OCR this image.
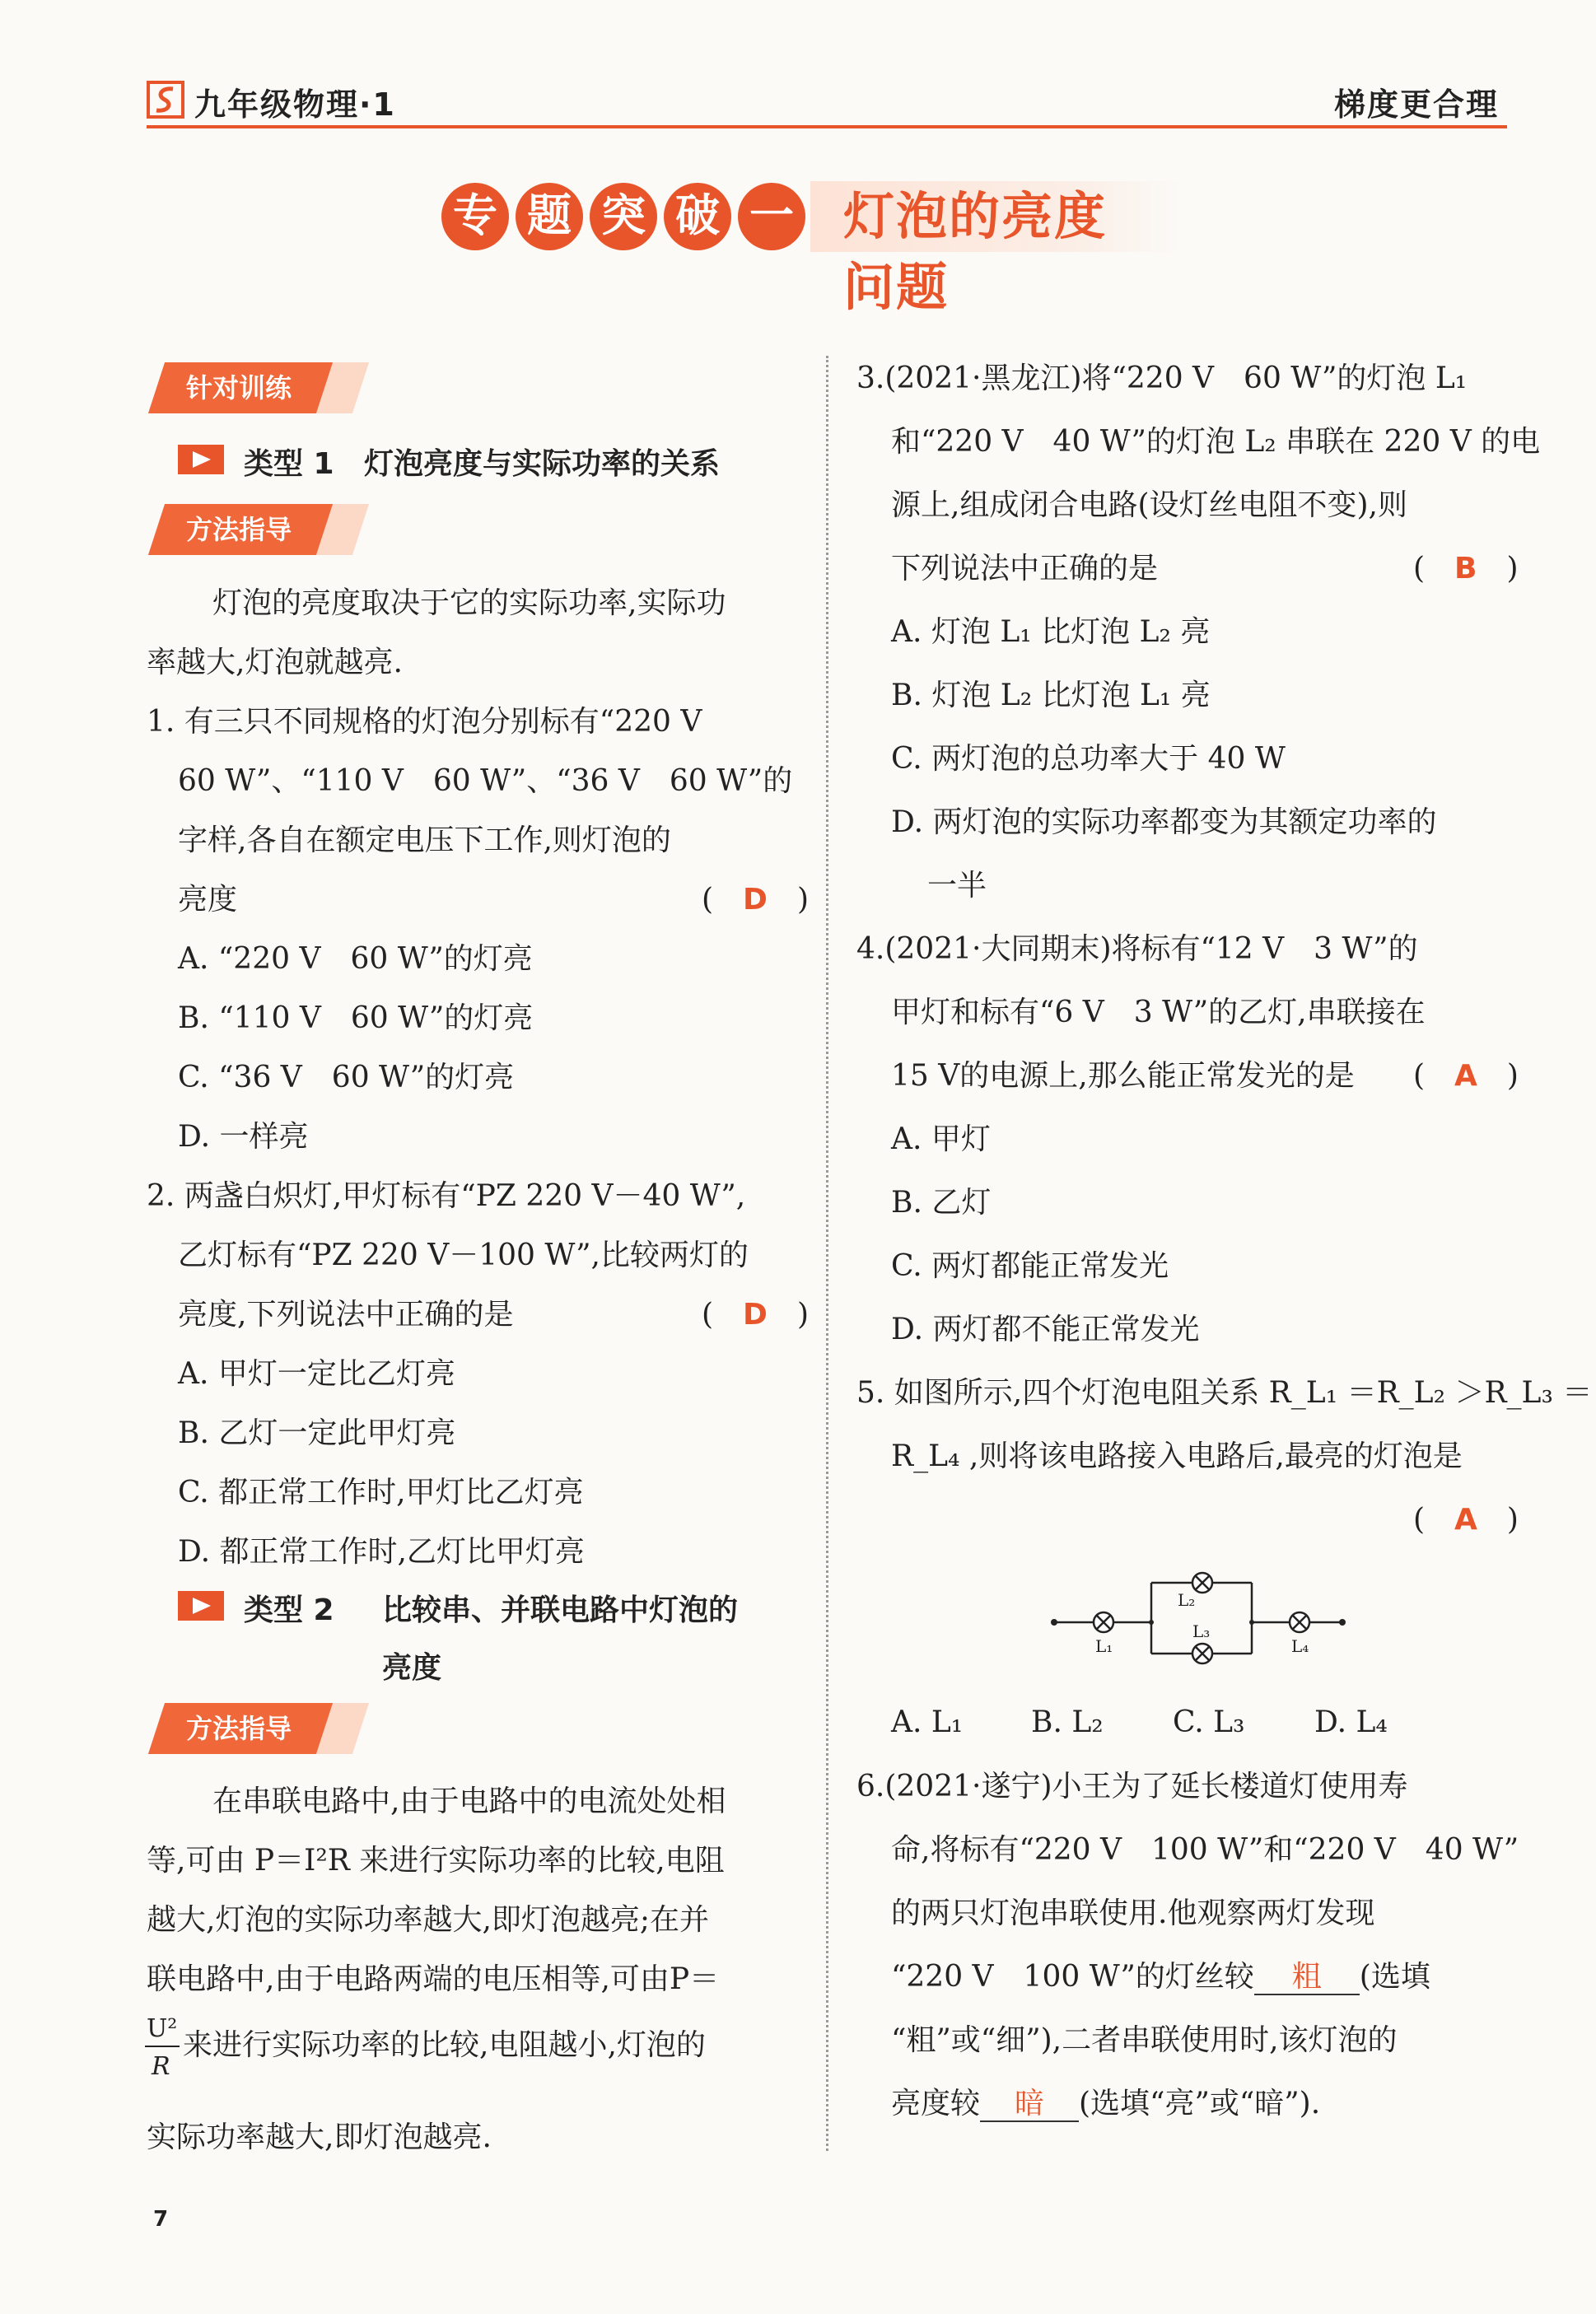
九年级物理·1	梯度更合理
专 题 突 破 一 灯泡的亮度问题
针对训练
类型 1 灯泡亮度与实际功率的关系
方法指导
灯泡的亮度取决于它的实际功率,实际功
率越大,灯泡就越亮.
1. 有三只不同规格的灯泡分别标有“220 V
60 W”、“110 V　60 W”、“36 V　60 W”的
字样,各自在额定电压下工作,则灯泡的
亮度	(　D　)
A. “220 V　60 W”的灯亮
B. “110 V　60 W”的灯亮
C. “36 V　60 W”的灯亮
D. 一样亮
2. 两盏白炽灯,甲灯标有“PZ 220 V－40 W”,
乙灯标有“PZ 220 V－100 W”,比较两灯的
亮度,下列说法中正确的是	(　D　)
A. 甲灯一定比乙灯亮
B. 乙灯一定此甲灯亮
C. 都正常工作时,甲灯比乙灯亮
D. 都正常工作时,乙灯比甲灯亮
类型 2 比较串、并联电路中灯泡的
亮度
方法指导
在串联电路中,由于电路中的电流处处相
等,可由 P＝I²R 来进行实际功率的比较,电阻
越大,灯泡的实际功率越大,即灯泡越亮;在并
联电路中,由于电路两端的电压相等,可由P＝
U²
R
来进行实际功率的比较,电阻越小,灯泡的
实际功率越大,即灯泡越亮.
3.(2021·黑龙江)将“220 V　60 W”的灯泡 L₁
和“220 V　40 W”的灯泡 L₂ 串联在 220 V 的电
源上,组成闭合电路(设灯丝电阻不变),则
下列说法中正确的是	(　B　)
A. 灯泡 L₁ 比灯泡 L₂ 亮
B. 灯泡 L₂ 比灯泡 L₁ 亮
C. 两灯泡的总功率大于 40 W
D. 两灯泡的实际功率都变为其额定功率的
一半
4.(2021·大同期末)将标有“12 V　3 W”的
甲灯和标有“6 V　3 W”的乙灯,串联接在
15 V的电源上,那么能正常发光的是 (　A　)
A. 甲灯
B. 乙灯
C. 两灯都能正常发光
D. 两灯都不能正常发光
5. 如图所示,四个灯泡电阻关系 R_L₁ ＝R_L₂ ＞R_L₃ ＝
R_L₄ ,则将该电路接入电路后,最亮的灯泡是
(　A　)
L₁
L₂
L₃
L₄
A. L₁ B. L₂ C. L₃ D. L₄
6.(2021·遂宁)小王为了延长楼道灯使用寿
命,将标有“220 V　100 W”和“220 V　40 W”
的两只灯泡串联使用.他观察两灯发现
“220 V　100 W”的灯丝较 粗 (选填
“粗”或“细”),二者串联使用时,该灯泡的
亮度较 暗 (选填“亮”或“暗”).
7
